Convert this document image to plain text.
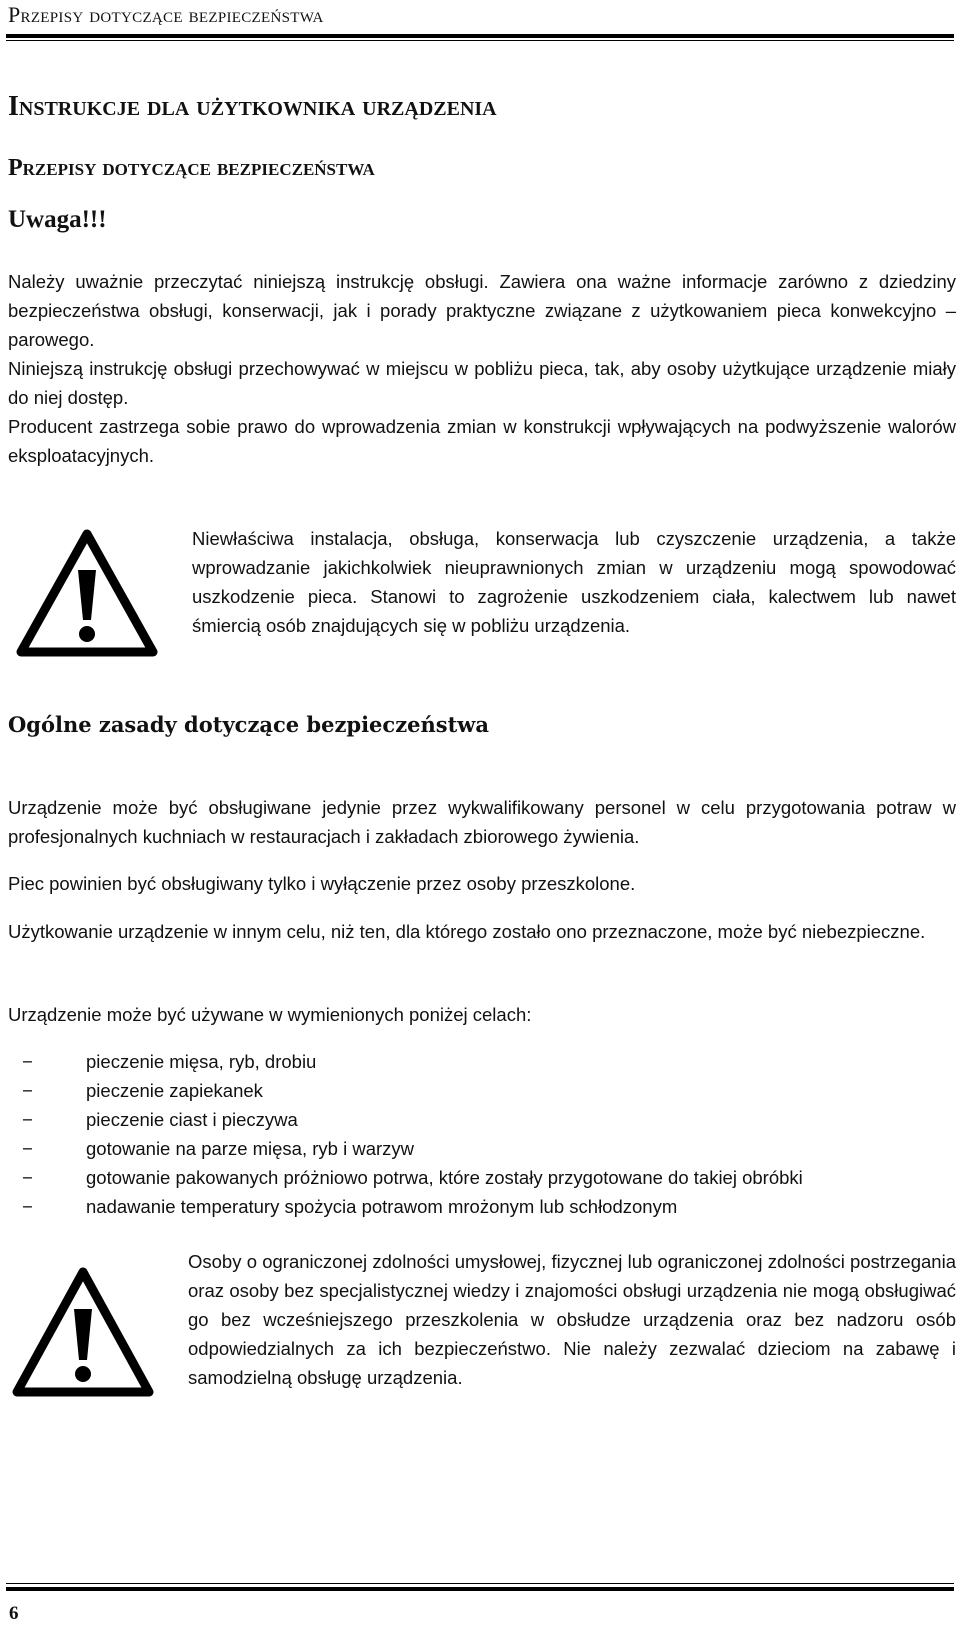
Przepisy dotyczące bezpieczeństwa
Instrukcje dla użytkownika urządzenia
Przepisy dotyczące bezpieczeństwa
Uwaga!!!

Należy uważnie przeczytać niniejszą instrukcję obsługi. Zawiera ona ważne informacje zarówno z dziedziny bezpieczeństwa obsługi, konserwacji, jak i porady praktyczne związane z użytkowaniem pieca konwekcyjno – parowego.

Niniejszą instrukcję obsługi przechowywać w miejscu w pobliżu pieca, tak, aby osoby użytkujące urządzenie miały do niej dostęp.

Producent zastrzega sobie prawo do wprowadzenia zmian w konstrukcji wpływających na podwyższenie walorów eksploatacyjnych.

Niewłaściwa instalacja, obsługa, konserwacja lub czyszczenie urządzenia, a także wprowadzanie jakichkolwiek nieuprawnionych zmian w urządzeniu mogą spowodować uszkodzenie pieca. Stanowi to zagrożenie uszkodzeniem ciała, kalectwem lub nawet śmiercią osób znajdujących się w pobliżu urządzenia.
Ogólne zasady dotyczące bezpieczeństwa

Urządzenie może być obsługiwane jedynie przez wykwalifikowany personel w celu przygotowania potraw w profesjonalnych kuchniach w restauracjach i zakładach zbiorowego żywienia.

Piec powinien być obsługiwany tylko i wyłączenie przez osoby przeszkolone.

Użytkowanie urządzenie w innym celu, niż ten, dla którego zostało ono przeznaczone, może być niebezpieczne.

Urządzenie może być używane w wymienionych poniżej celach:

−	pieczenie mięsa, ryb, drobiu
−	pieczenie zapiekanek
−	pieczenie ciast i pieczywa
−	gotowanie na parze mięsa, ryb i warzyw
−	gotowanie pakowanych próżniowo potrwa, które zostały przygotowane do takiej obróbki
−	nadawanie temperatury spożycia potrawom mrożonym lub schłodzonym
Osoby o ograniczonej zdolności umysłowej, fizycznej lub ograniczonej zdolności postrzegania oraz osoby bez specjalistycznej wiedzy i znajomości obsługi urządzenia nie mogą obsługiwać go bez wcześniejszego przeszkolenia w obsłudze urządzenia oraz bez nadzoru osób odpowiedzialnych za ich bezpieczeństwo. Nie należy zezwalać dzieciom na zabawę i samodzielną obsługę urządzenia.
6
